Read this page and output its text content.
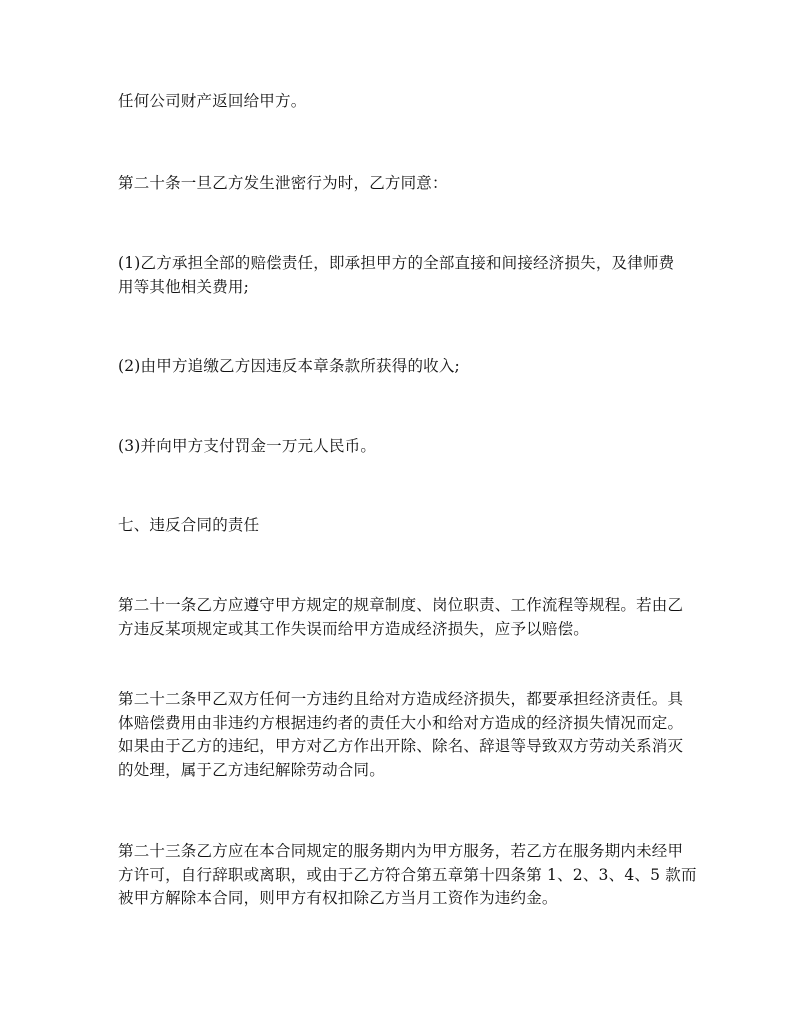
任何公司财产返回给甲方。

第二十条一旦乙方发生泄密行为时，乙方同意：

(1)乙方承担全部的赔偿责任，即承担甲方的全部直接和间接经济损失，及律师费
用等其他相关费用;

(2)由甲方追缴乙方因违反本章条款所获得的收入;

(3)并向甲方支付罚金一万元人民币。

七、违反合同的责任

第二十一条乙方应遵守甲方规定的规章制度、岗位职责、工作流程等规程。若由乙
方违反某项规定或其工作失误而给甲方造成经济损失，应予以赔偿。

第二十二条甲乙双方任何一方违约且给对方造成经济损失，都要承担经济责任。具
体赔偿费用由非违约方根据违约者的责任大小和给对方造成的经济损失情况而定。
如果由于乙方的违纪，甲方对乙方作出开除、除名、辞退等导致双方劳动关系消灭
的处理，属于乙方违纪解除劳动合同。

第二十三条乙方应在本合同规定的服务期内为甲方服务，若乙方在服务期内未经甲
方许可，自行辞职或离职，或由于乙方符合第五章第十四条第 1、2、3、4、5 款而
被甲方解除本合同，则甲方有权扣除乙方当月工资作为违约金。
